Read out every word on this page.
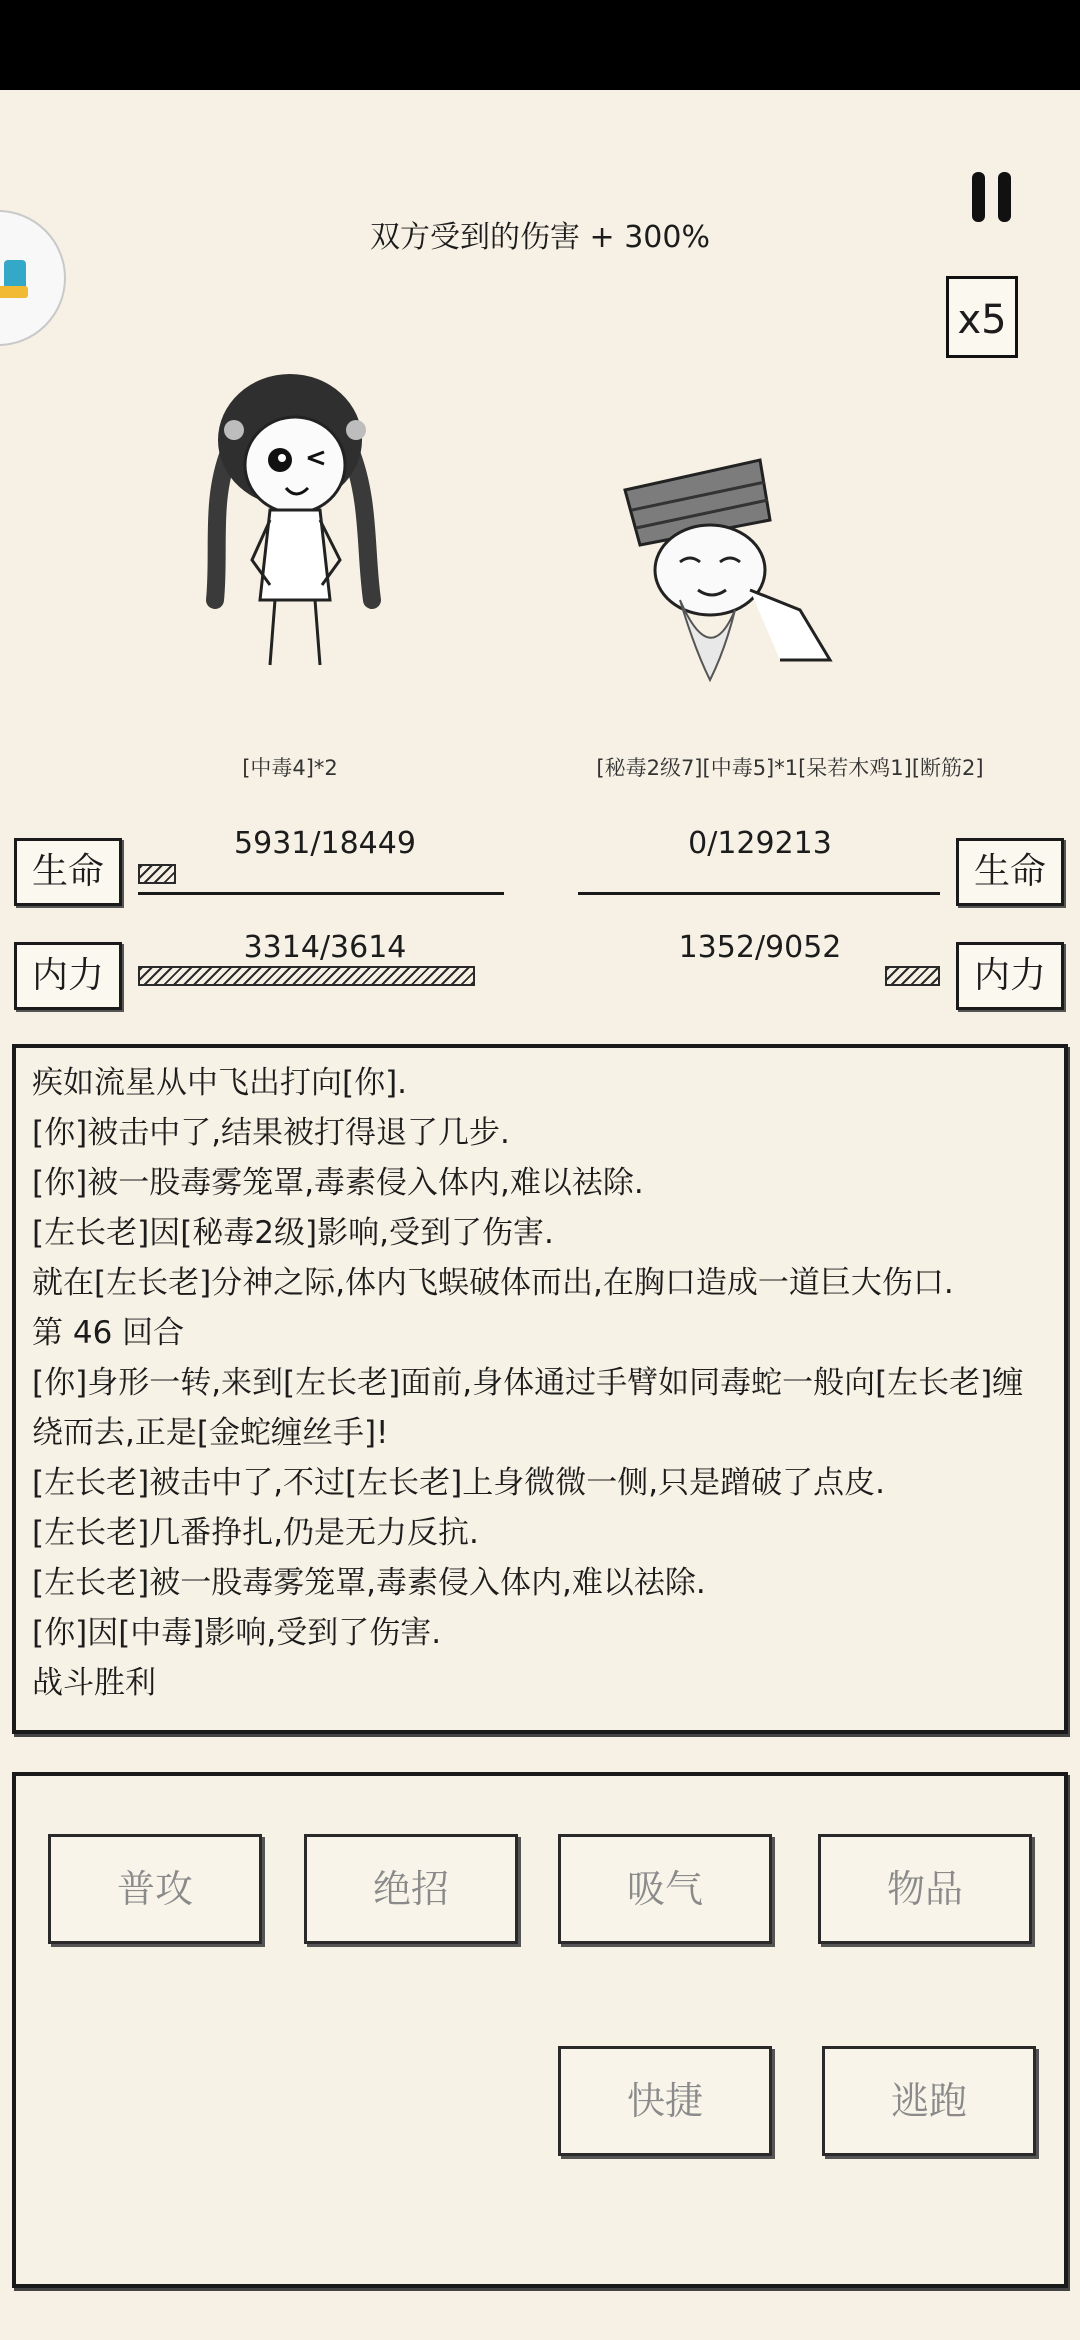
双方受到的伤害 + 300%
x5
[中毒4]*2	[秘毒2级7][中毒5]*1[呆若木鸡1][断筋2]
生命
5931/18449	0/129213
生命
内力
3314/3614	1352/9052
内力
疾如流星从中飞出打向[你].
[你]被击中了,结果被打得退了几步.
[你]被一股毒雾笼罩,毒素侵入体内,难以祛除.
[左长老]因[秘毒2级]影响,受到了伤害.
就在[左长老]分神之际,体内飞蜈破体而出,在胸口造成一道巨大伤口.
第 46 回合
[你]身形一转,来到[左长老]面前,身体通过手臂如同毒蛇一般向[左长老]缠绕而去,正是[金蛇缠丝手]!
[左长老]被击中了,不过[左长老]上身微微一侧,只是蹭破了点皮.
[左长老]几番挣扎,仍是无力反抗.
[左长老]被一股毒雾笼罩,毒素侵入体内,难以祛除.
[你]因[中毒]影响,受到了伤害.
战斗胜利
普攻	绝招	吸气	物品
快捷	逃跑
